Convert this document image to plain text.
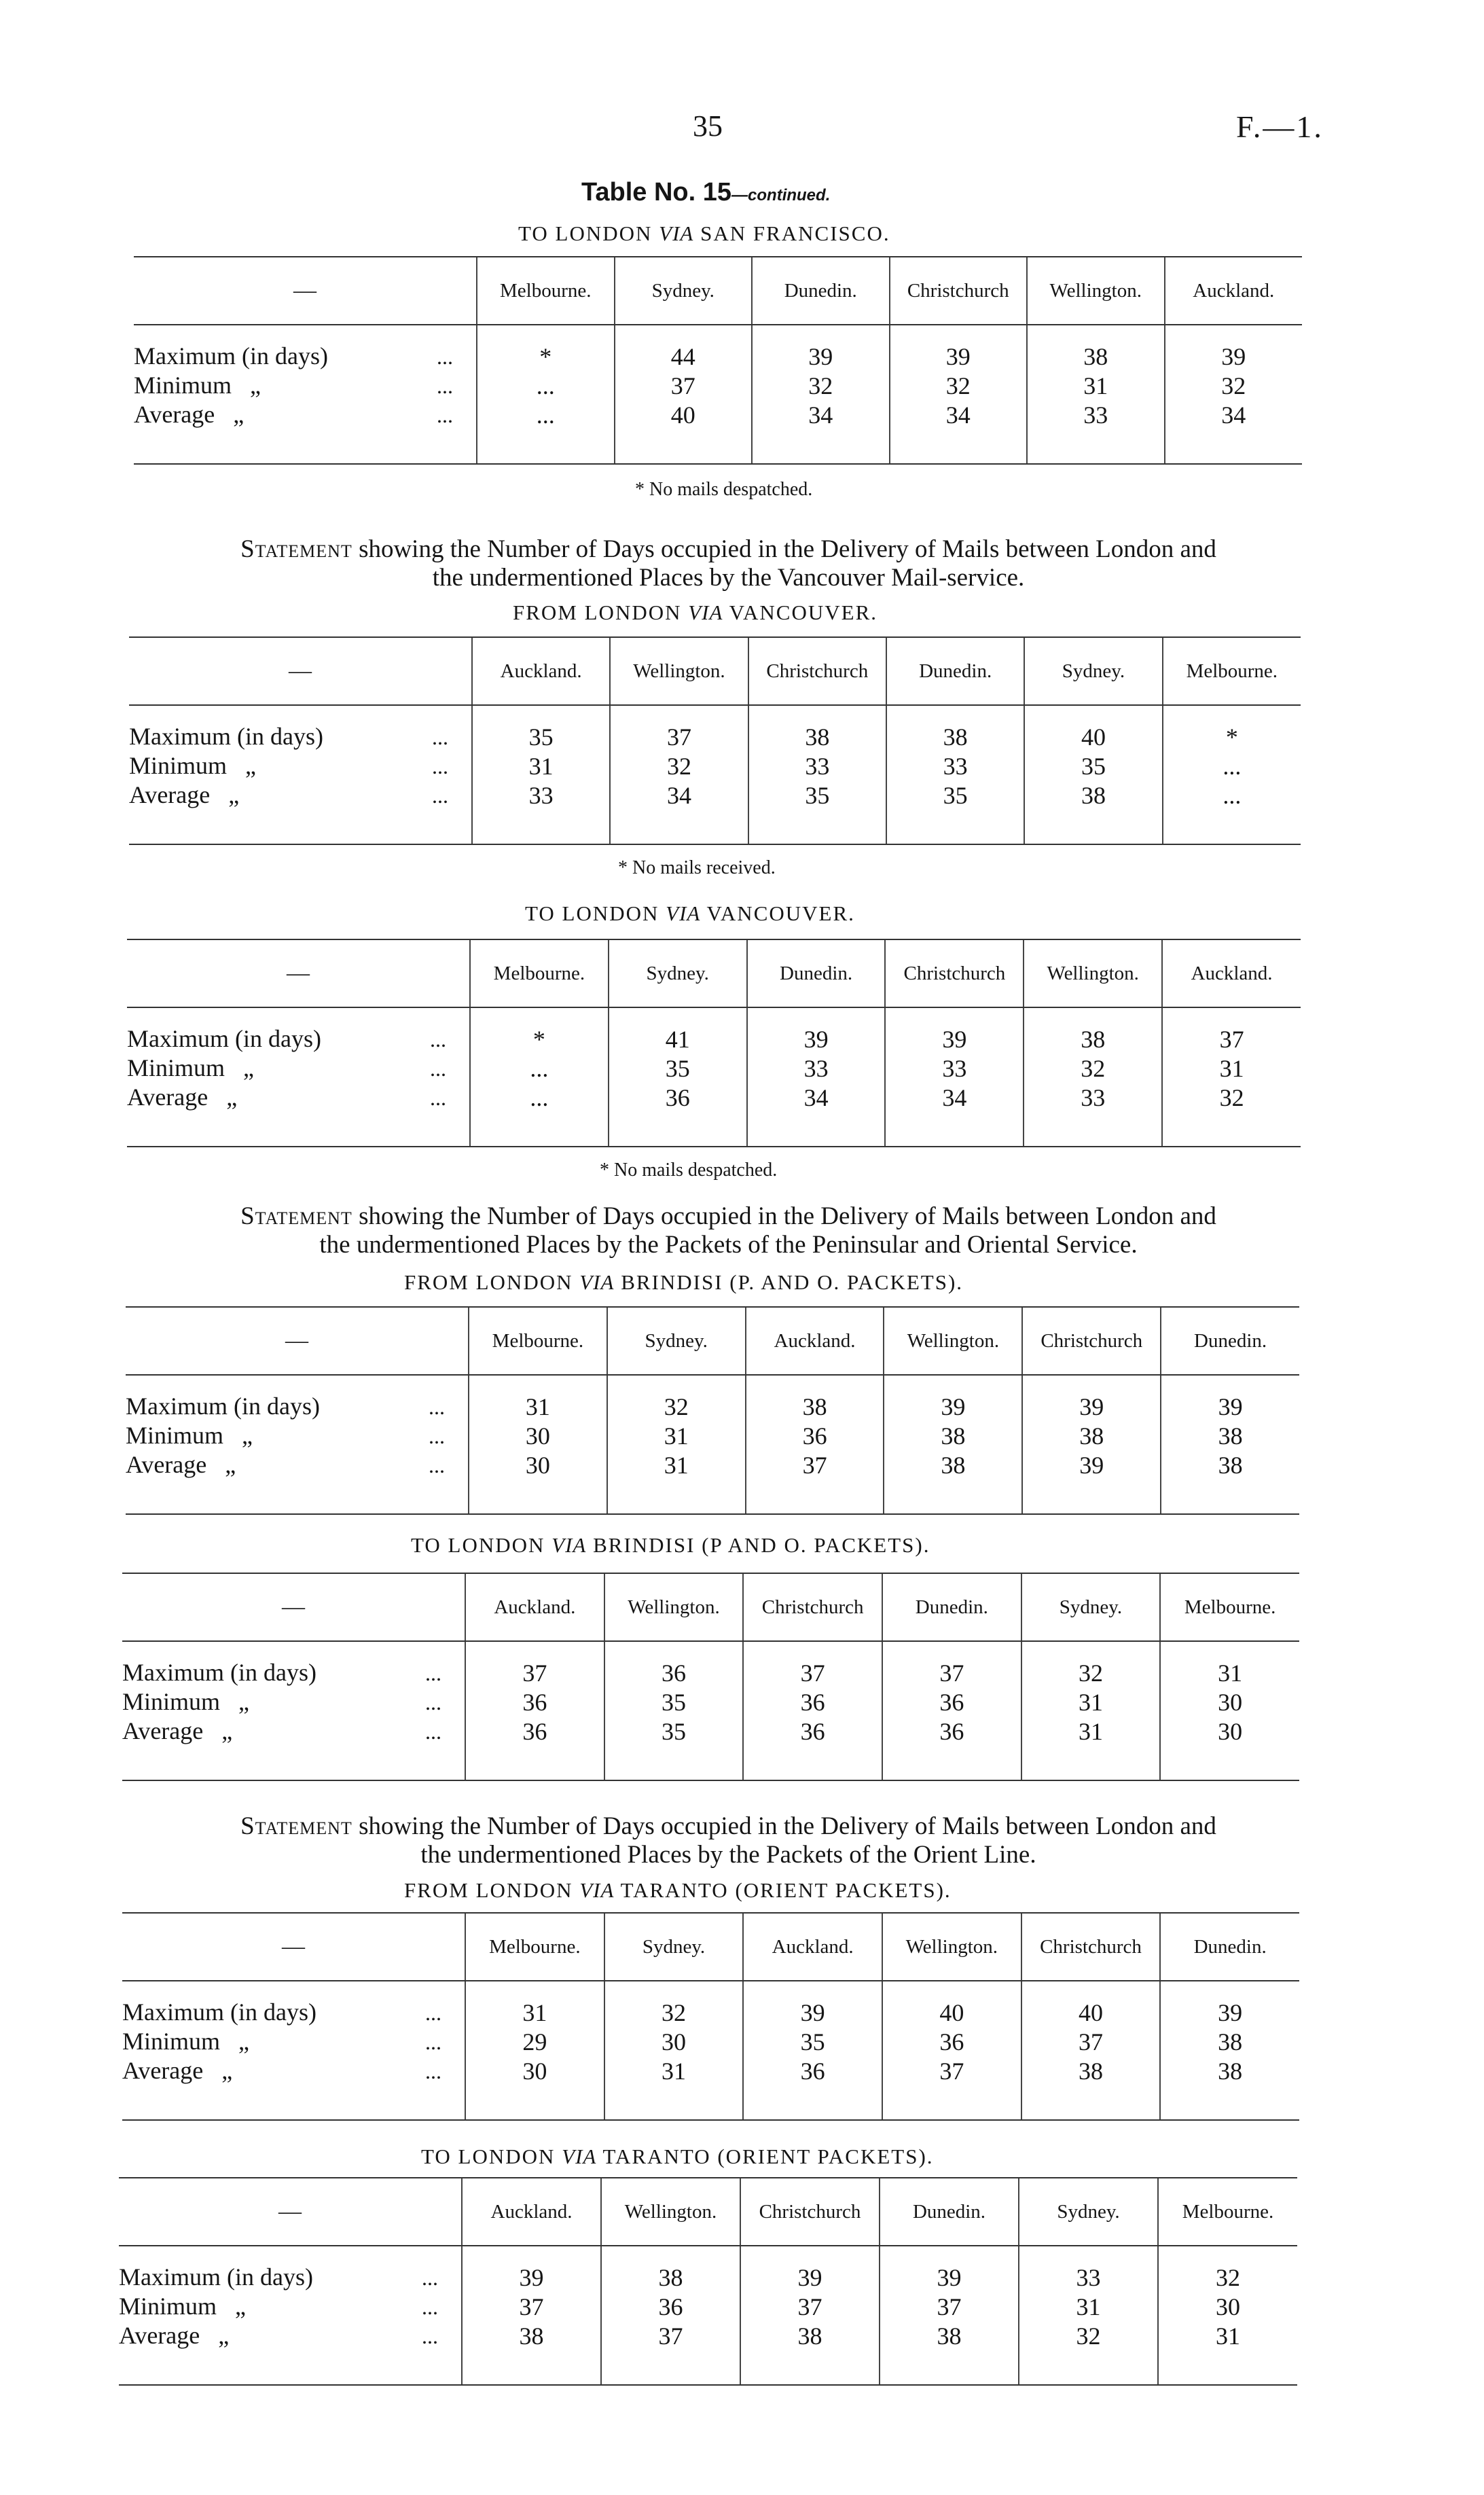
35	F.—1.
Table No. 15—continued.
TO LONDON VIA SAN FRANCISCO.
—	Melbourne.	Sydney.	Dunedin.	Christchurch	Wellington.	Auckland.

Maximum (in days) ...	*	44	39	39	38	39
Minimum   „ ...	...	37	32	32	31	32
Average   „ ...	...	40	34	34	33	34

* No mails despatched.
Statement showing the Number of Days occupied in the Delivery of Mails between London and
the undermentioned Places by the Vancouver Mail-service.
FROM LONDON VIA VANCOUVER.
—	Auckland.	Wellington.	Christchurch	Dunedin.	Sydney.	Melbourne.

Maximum (in days) ...	35	37	38	38	40	*
Minimum   „ ...	31	32	33	33	35	...
Average   „ ...	33	34	35	35	38	...

* No mails received.
TO LONDON VIA VANCOUVER.
—	Melbourne.	Sydney.	Dunedin.	Christchurch	Wellington.	Auckland.

Maximum (in days) ...	*	41	39	39	38	37
Minimum   „ ...	...	35	33	33	32	31
Average   „ ...	...	36	34	34	33	32

* No mails despatched.
Statement showing the Number of Days occupied in the Delivery of Mails between London and
the undermentioned Places by the Packets of the Peninsular and Oriental Service.
FROM LONDON VIA BRINDISI (P. AND O. PACKETS).
—	Melbourne.	Sydney.	Auckland.	Wellington.	Christchurch	Dunedin.

Maximum (in days) ...	31	32	38	39	39	39
Minimum   „ ...	30	31	36	38	38	38
Average   „ ...	30	31	37	38	39	38

TO LONDON VIA BRINDISI (P AND O. PACKETS).
—	Auckland.	Wellington.	Christchurch	Dunedin.	Sydney.	Melbourne.

Maximum (in days) ...	37	36	37	37	32	31
Minimum   „ ...	36	35	36	36	31	30
Average   „ ...	36	35	36	36	31	30

Statement showing the Number of Days occupied in the Delivery of Mails between London and
the undermentioned Places by the Packets of the Orient Line.
FROM LONDON VIA TARANTO (ORIENT PACKETS).
—	Melbourne.	Sydney.	Auckland.	Wellington.	Christchurch	Dunedin.

Maximum (in days) ...	31	32	39	40	40	39
Minimum   „ ...	29	30	35	36	37	38
Average   „ ...	30	31	36	37	38	38

TO LONDON VIA TARANTO (ORIENT PACKETS).
—	Auckland.	Wellington.	Christchurch	Dunedin.	Sydney.	Melbourne.

Maximum (in days) ...	39	38	39	39	33	32
Minimum   „ ...	37	36	37	37	31	30
Average   „ ...	38	37	38	38	32	31
